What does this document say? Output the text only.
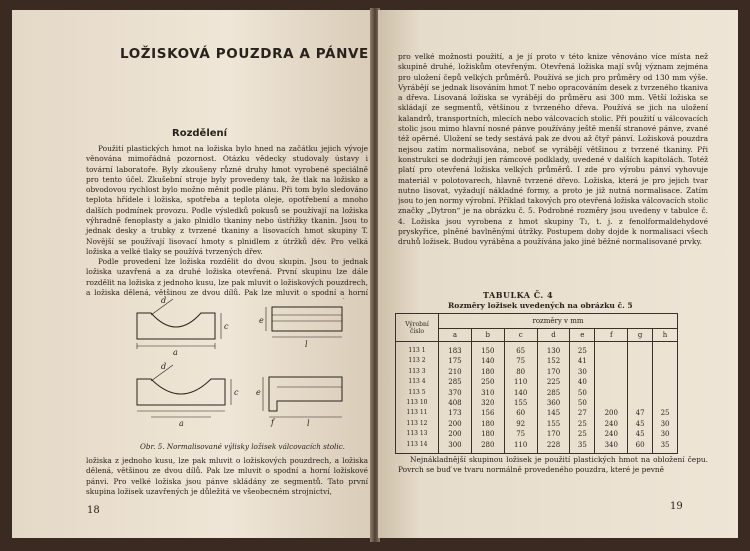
LOŽISKOVÁ POUZDRA A PÁNVE
Rozdělení

Použití plastických hmot na ložiska bylo hned na začátku jejich vývoje věnována mimořádná pozornost. Otázku vědecky studovaly ústavy i tovární laboratoře. Byly zkoušeny různé druhy hmot vyrobené speciálně pro tento účel. Zkušební stroje byly provedeny tak, že tlak na ložisko a obvodovou rychlost bylo možno měnit podle plánu. Při tom bylo sledováno teplota hřídele i ložiska, spotřeba a teplota oleje, opotřebení a mnoho dalších podmínek provozu. Podle výsledků pokusů se používají na ložiska výhradně fenoplasty a jako plnidlo tkaniny nebo ústřižky tkanin. Jsou to jednak desky a trubky z tvrzené tkaniny a lisovacích hmot skupiny T. Novější se používají lisovací hmoty s plnidlem z útržků děv. Pro velká ložiska a velké tlaky se používá tvrzených dřev.

Podle provedení lze ložiska rozdělit do dvou skupin. Jsou to jednak ložiska uzavřená a za druhé ložiska otevřená. První skupinu lze dále rozdělit na ložiska z jednoho kusu, lze pak mluvit o ložiskových pouzdrech, a ložiska dělená, většinou ze dvou dílů. Pak lze mluvit o spodní a horní

d
a
c
e
l
d
a
c e
f	l
Obr. 5. Normalisované výlisky ložisek válcovacích stolic.

ložiska z jednoho kusu, lze pak mluvit o ložiskových pouzdrech, a ložiska dělená, většinou ze dvou dílů. Pak lze mluvit o spodní a horní ložiskové pánvi. Pro velké ložiska jsou pánve skládány ze segmentů. Tato první skupina ložisek uzavřených je důležitá ve všeobecném strojnictví,

18

pro velké možnosti použití, a je jí proto v této knize věnováno více místa než skupině druhé, ložiskům otevřeným. Otevřená ložiska mají svůj význam zejména pro uložení čepů velkých průměrů. Používá se jich pro průměry od 130 mm výše. Vyrábějí se jednak lisováním hmot T nebo opracováním desek z tvrzeného tkaniva a dřeva. Lisovaná ložiska se vyrábějí do průměru asi 300 mm. Větší ložiska se skládají ze segmentů, většinou z tvrzeného dřeva. Používá se jich na uložení kalandrů, transportních, mlecích nebo válcovacích stolic. Při použití u válcovacích stolic jsou mimo hlavní nosné pánve používány ještě menší stranové pánve, zvané též opěrné. Uložení se tedy sestává pak ze dvou až čtyř pánví. Ložisková pouzdra nejsou zatím normalisována, neboť se vyrábějí většinou z tvrzené tkaniny. Při konstrukci se dodržují jen rámcové podklady, uvedené v dalších kapitolách. Totéž platí pro otevřená ložiska velkých průměrů. I zde pro výrobu pánví vyhovuje materiál v polotovarech, hlavně tvrzené dřevo. Ložiska, která je pro jejich tvar nutno lisovat, vyžadují nákladné formy, a proto je již nutná normalisace. Zatím jsou to jen normy výrobní. Příklad takových pro otevřená ložiska válcovacích stolic značky „Dytron“ je na obrázku č. 5. Podrobné rozměry jsou uvedeny v tabulce č. 4. Ložiska jsou vyrobena z hmot skupiny T₂, t. j. z fenolformaldehydové pryskyřice, plněné bavlněnými útržky. Postupem doby dojde k normalisaci všech druhů ložisek. Budou vyráběna a používána jako jiné běžné normalisované prvky.

TABULKA Č. 4
Rozměry ložisek uvedených na obrázku č. 5
Výrobní číslo	rozměry v mm							
	a	b	c	d	e	f	g	h
113 1	183	150	65	130	25			
113 2	175	140	75	152	41			
113 3	210	180	80	170	30			
113 4	285	250	110	225	40			
113 5	370	310	140	285	50			
113 10	408	320	155	360	50			
113 11	173	156	60	145	27	200	47	25
113 12	200	180	92	155	25	240	45	30
113 13	200	180	75	170	25	240	45	30
113 14	300	280	110	228	35	340	60	35

Nejnákladnější skupinou ložisek je použití plastických hmot na obložení čepu. Povrch se buď ve tvaru normálně provedeného pouzdra, které je pevně

19
